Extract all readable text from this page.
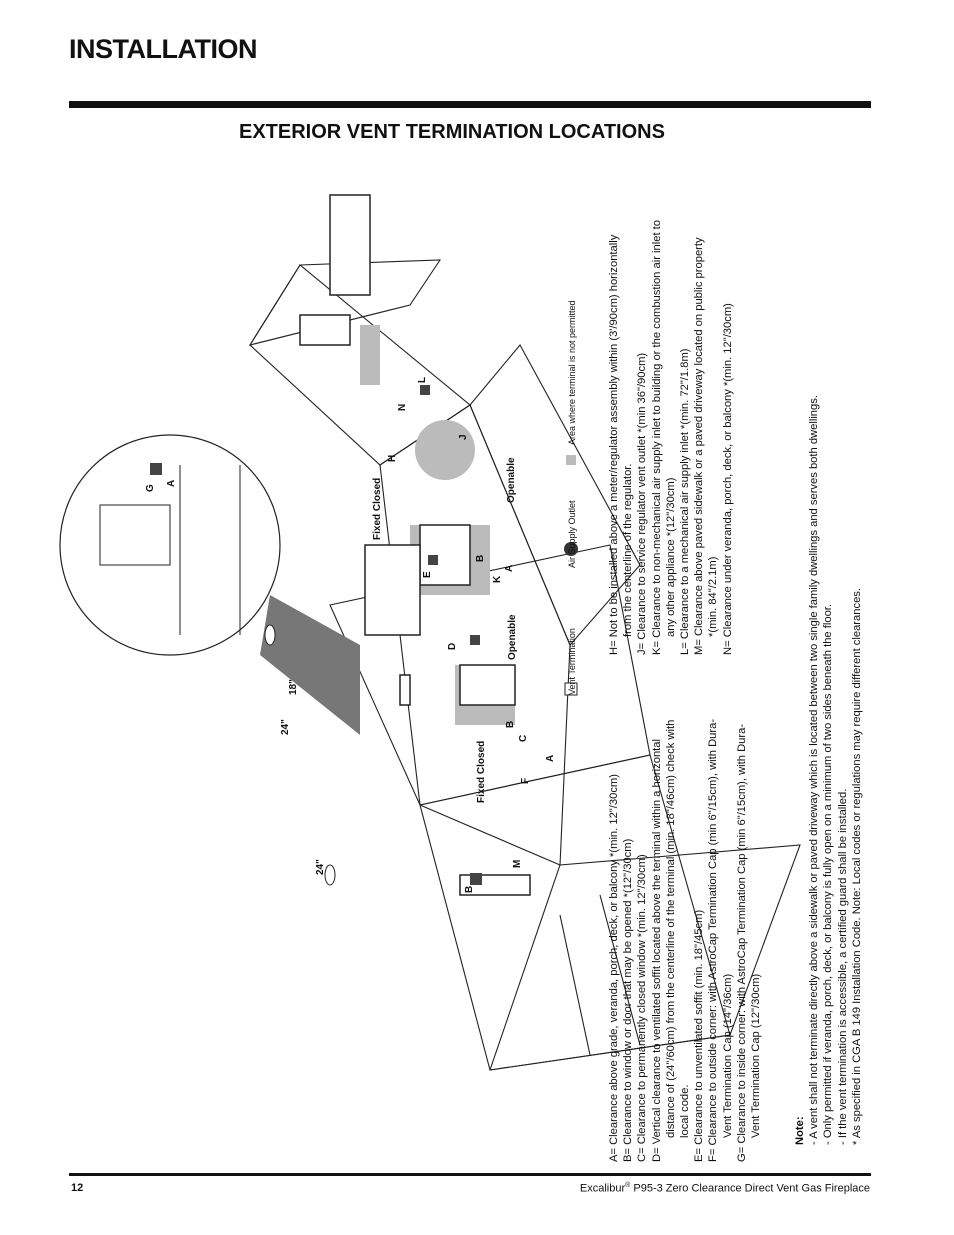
INSTALLATION
EXTERIOR VENT TERMINATION LOCATIONS
Fixed Closed
Fixed Closed
Openable
Openable
24"
18"
24"
A
C
B
F
B
M
D
E
B
K
A
H
J
N
L
G
A
Vent Termination
Air Supply Outlet
Area where terminal is not permitted
A= Clearance above grade, veranda, porch, deck, or balcony *(min. 12"/30cm) B= Clearance to window or door that may be opened *(12"/30cm) C= Clearance to permanently closed window *(min. 12"/30cm) D= Vertical clearance to ventilated soffit located above the terminal within a horizontal distance of (24"/60cm) from the centerline of the terminal (min. 18"/46cm) check with local code. E= Clearance to unventilated soffit (min. 18"/45cm) F= Clearance to outside corner: with AstroCap Termination Cap (min 6"/15cm), with Dura- Vent Termination Cap (14"/36cm) G= Clearance to inside corner: with AstroCap Termination Cap (min 6"/15cm), with Dura- Vent Termination Cap (12"/30cm)
H= Not to be installed above a meter/regulator assembly within (3'/90cm) horizontally from the centerline of the regulator. J= Clearance to service regulator vent outlet *(min 36"/90cm) K= Clearance to non-mechanical air supply inlet to building or the combustion air inlet to any other appliance *(12"/30cm) L= Clearance to a mechanical air supply inlet *(min. 72"/1.8m) M= Clearance above paved sidewalk or a paved driveway located on public property *(min. 84"/2.1m) N= Clearance under veranda, porch, deck, or balcony *(min. 12"/30cm)
Note: - A vent shall not terminate directly above a sidewalk or paved driveway which is located between two single family dwellings and serves both dwellings. - Only permitted if veranda, porch, deck, or balcony is fully open on a minimum of two sides beneath the floor. - If the vent termination is accessible, a certified guard shall be installed. * As specified in CGA B 149 Installation Code. Note: Local codes or regulations may require different clearances.
12	Excalibur® P95-3 Zero Clearance Direct Vent Gas Fireplace
